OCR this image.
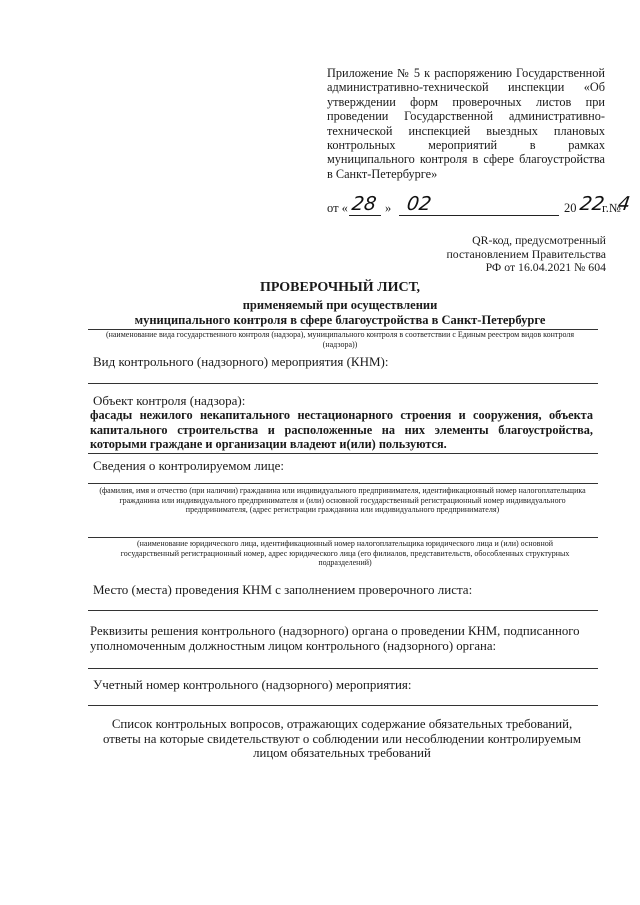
Приложение № 5 к распоряжению Государственной административно-технической инспекции «Об утверждении форм проверочных листов при проведении Государственной административно-технической инспекцией выездных плановых контрольных мероприятий в рамках муниципального контроля в сфере благоустройства в Санкт-Петербурге»
от « 28 » 02	20 22
г.№
4
QR-код, предусмотренный постановлением Правительства РФ от 16.04.2021 № 604
ПРОВЕРОЧНЫЙ ЛИСТ,
применяемый при осуществлении
муниципального контроля в сфере благоустройства в Санкт-Петербурге
(наименование вида государственного контроля (надзора), муниципального контроля в соответствии с Единым реестром видов контроля (надзора))
Вид контрольного (надзорного) мероприятия (КНМ):
Объект контроля (надзора):
фасады нежилого некапитального нестационарного строения и сооружения, объекта капитального строительства и расположенные на них элементы благоустройства, которыми граждане и организации владеют и(или) пользуются.
Сведения о контролируемом лице:
(фамилия, имя и отчество (при наличии) гражданина или индивидуального предпринимателя, идентификационный номер налогоплательщика гражданина или индивидуального предпринимателя и (или) основной государственный регистрационный номер индивидуального предпринимателя, (адрес регистрации гражданина или индивидуального предпринимателя)
(наименование юридического лица, идентификационный номер налогоплательщика юридического лица и (или) основной государственный регистрационный номер, адрес юридического лица (его филиалов, представительств, обособленных структурных подразделений)
Место (места) проведения КНМ с заполнением проверочного листа:
Реквизиты решения контрольного (надзорного) органа о проведении КНМ, подписанного уполномоченным должностным лицом контрольного (надзорного) органа:
Учетный номер контрольного (надзорного) мероприятия:
Список контрольных вопросов, отражающих содержание обязательных требований, ответы на которые свидетельствуют о соблюдении или несоблюдении контролируемым лицом обязательных требований
